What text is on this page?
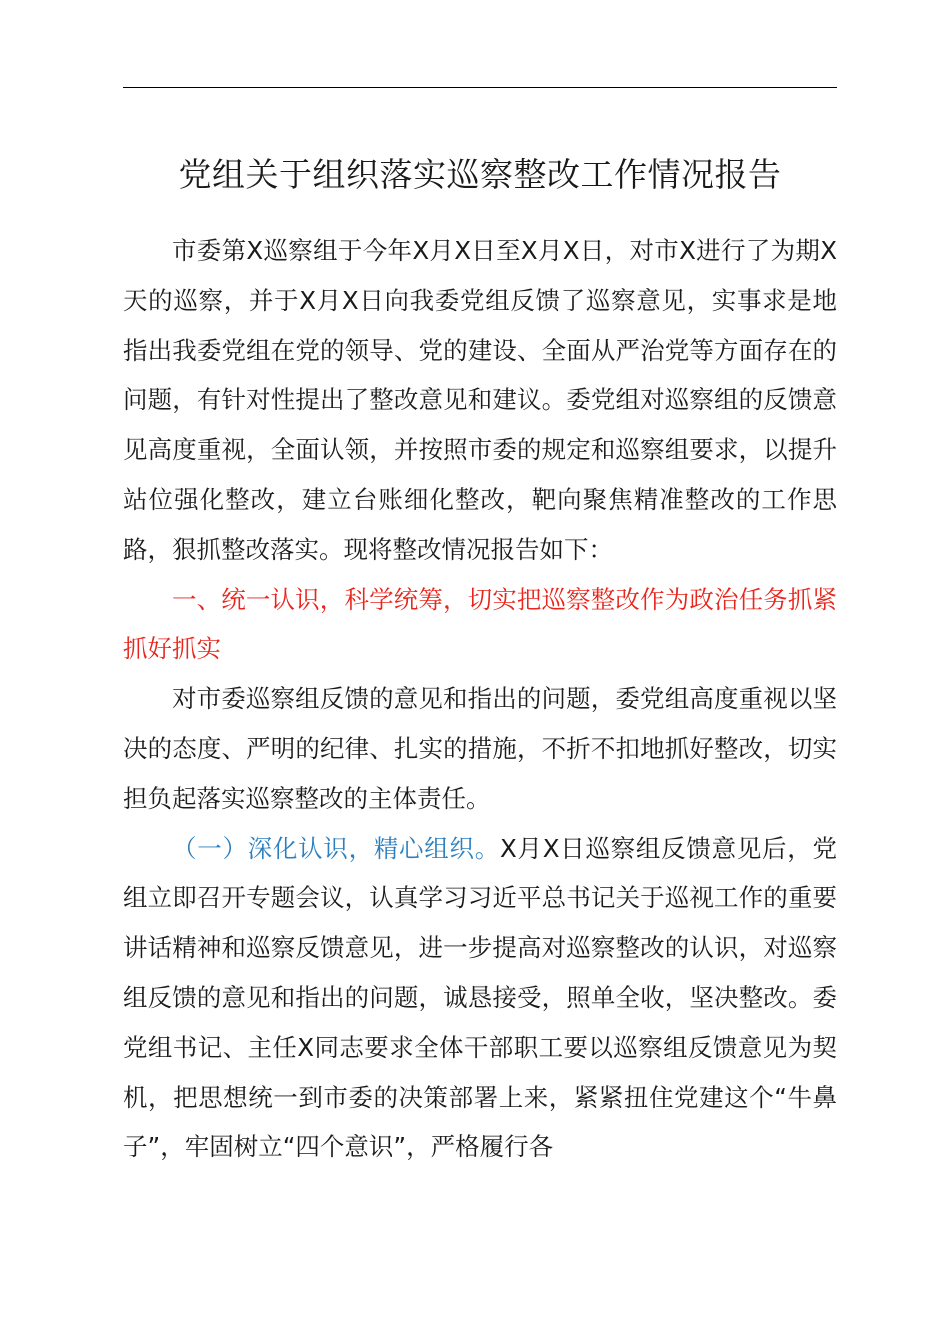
党组关于组织落实巡察整改工作情况报告

市委第X巡察组于今年X月X日至X月X日，对市X进行了为期X天的巡察，并于X月X日向我委党组反馈了巡察意见，实事求是地指出我委党组在党的领导、党的建设、全面从严治党等方面存在的问题，有针对性提出了整改意见和建议。委党组对巡察组的反馈意见高度重视，全面认领，并按照市委的规定和巡察组要求，以提升站位强化整改，建立台账细化整改，靶向聚焦精准整改的工作思路，狠抓整改落实。现将整改情况报告如下：

一、统一认识，科学统筹，切实把巡察整改作为政治任务抓紧抓好抓实

对市委巡察组反馈的意见和指出的问题，委党组高度重视以坚决的态度、严明的纪律、扎实的措施，不折不扣地抓好整改，切实担负起落实巡察整改的主体责任。

（一）深化认识，精心组织。X月X日巡察组反馈意见后，党组立即召开专题会议，认真学习习近平总书记关于巡视工作的重要讲话精神和巡察反馈意见，进一步提高对巡察整改的认识，对巡察组反馈的意见和指出的问题，诚恳接受，照单全收，坚决整改。委党组书记、主任X同志要求全体干部职工要以巡察组反馈意见为契机，把思想统一到市委的决策部署上来，紧紧扭住党建这个“牛鼻子”，牢固树立“四个意识”，严格履行各
